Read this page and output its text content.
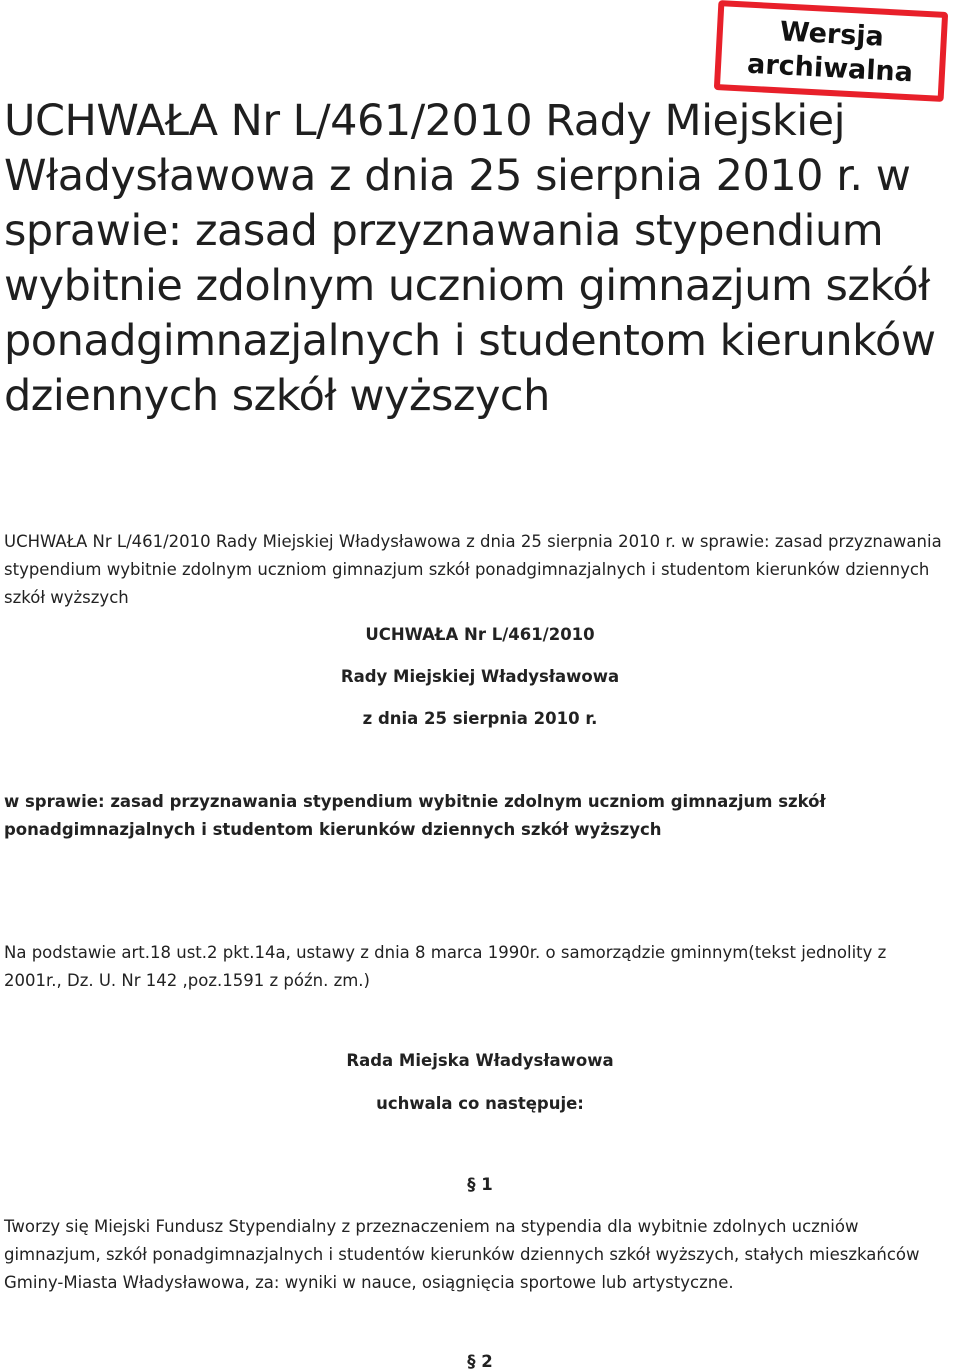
Wersja
archiwalna
UCHWAŁA Nr L/461/2010 Rady Miejskiej Władysławowa z dnia 25 sierpnia 2010 r. w sprawie: zasad przyznawania stypendium wybitnie zdolnym uczniom gimnazjum szkół ponadgimnazjalnych i studentom kierunków dziennych szkół wyższych

UCHWAŁA Nr L/461/2010 Rady Miejskiej Władysławowa z dnia 25 sierpnia 2010 r. w sprawie: zasad przyznawania stypendium wybitnie zdolnym uczniom gimnazjum szkół ponadgimnazjalnych i studentom kierunków dziennych szkół wyższych

UCHWAŁA Nr L/461/2010

Rady Miejskiej Władysławowa

z dnia 25 sierpnia 2010 r.

w sprawie: zasad przyznawania stypendium wybitnie zdolnym uczniom gimnazjum szkół ponadgimnazjalnych i studentom kierunków dziennych szkół wyższych

Na podstawie art.18 ust.2 pkt.14a, ustawy z dnia 8 marca 1990r. o samorządzie gminnym(tekst jednolity z 2001r., Dz. U. Nr 142 ,poz.1591 z późn. zm.)

Rada Miejska Władysławowa

uchwala co następuje:

§ 1

Tworzy się Miejski Fundusz Stypendialny z przeznaczeniem na stypendia dla wybitnie zdolnych uczniów gimnazjum, szkół ponadgimnazjalnych i studentów kierunków dziennych szkół wyższych, stałych mieszkańców Gminy-Miasta Władysławowa, za: wyniki w nauce, osiągnięcia sportowe lub artystyczne.

§ 2
